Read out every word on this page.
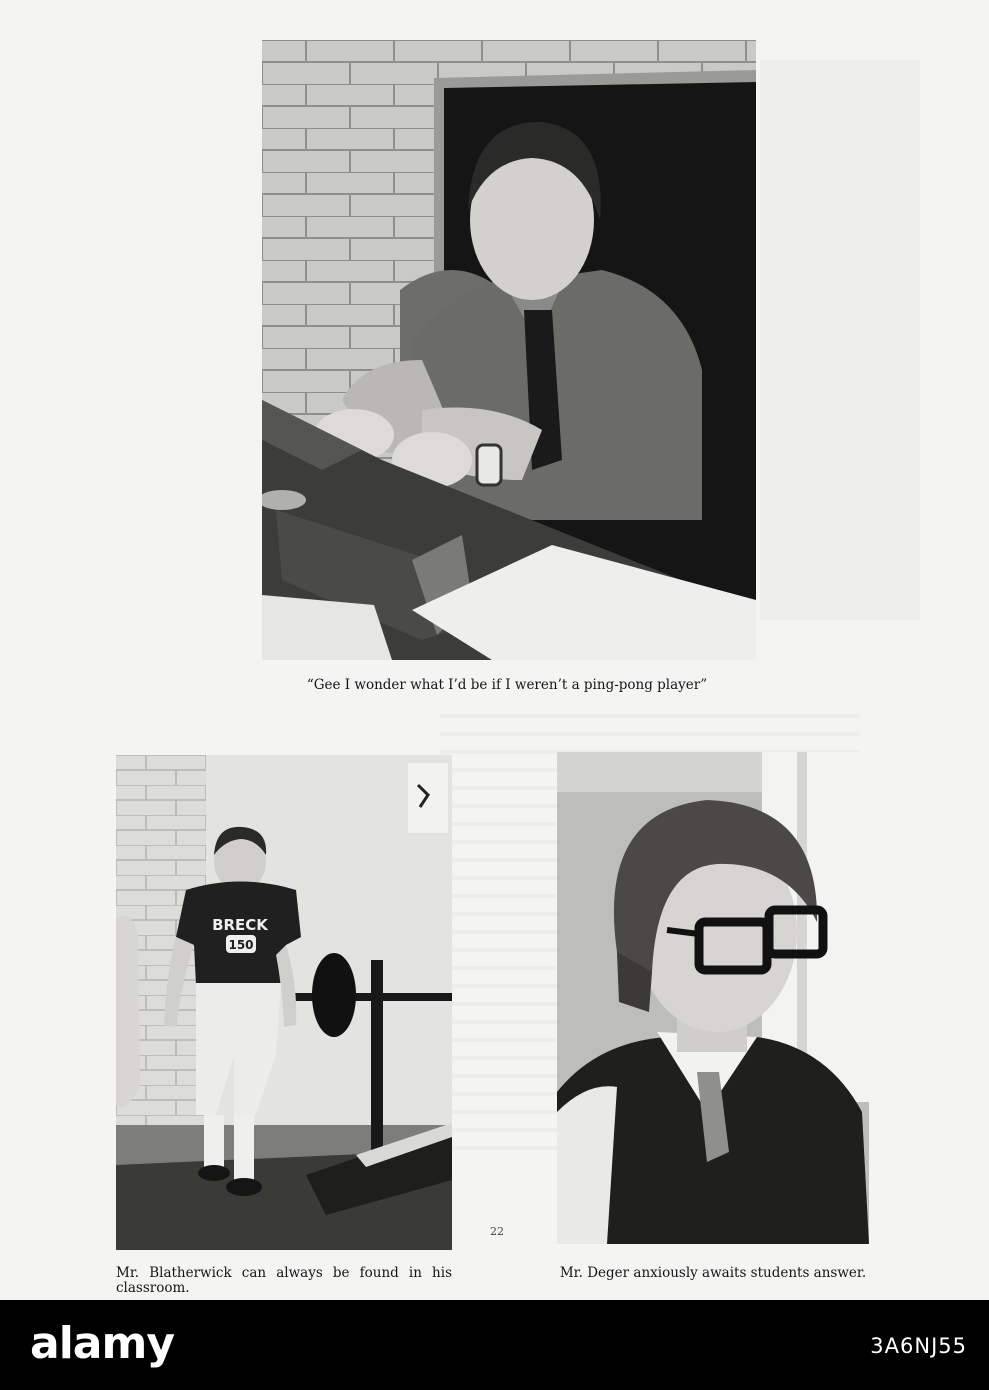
“Gee I wonder what I’d be if I weren’t a ping-pong player”
BRECK
150
Mr. Blatherwick can always be found in his classroom.
Mr. Deger anxiously awaits students answer.
22
alamy	3A6NJ55
